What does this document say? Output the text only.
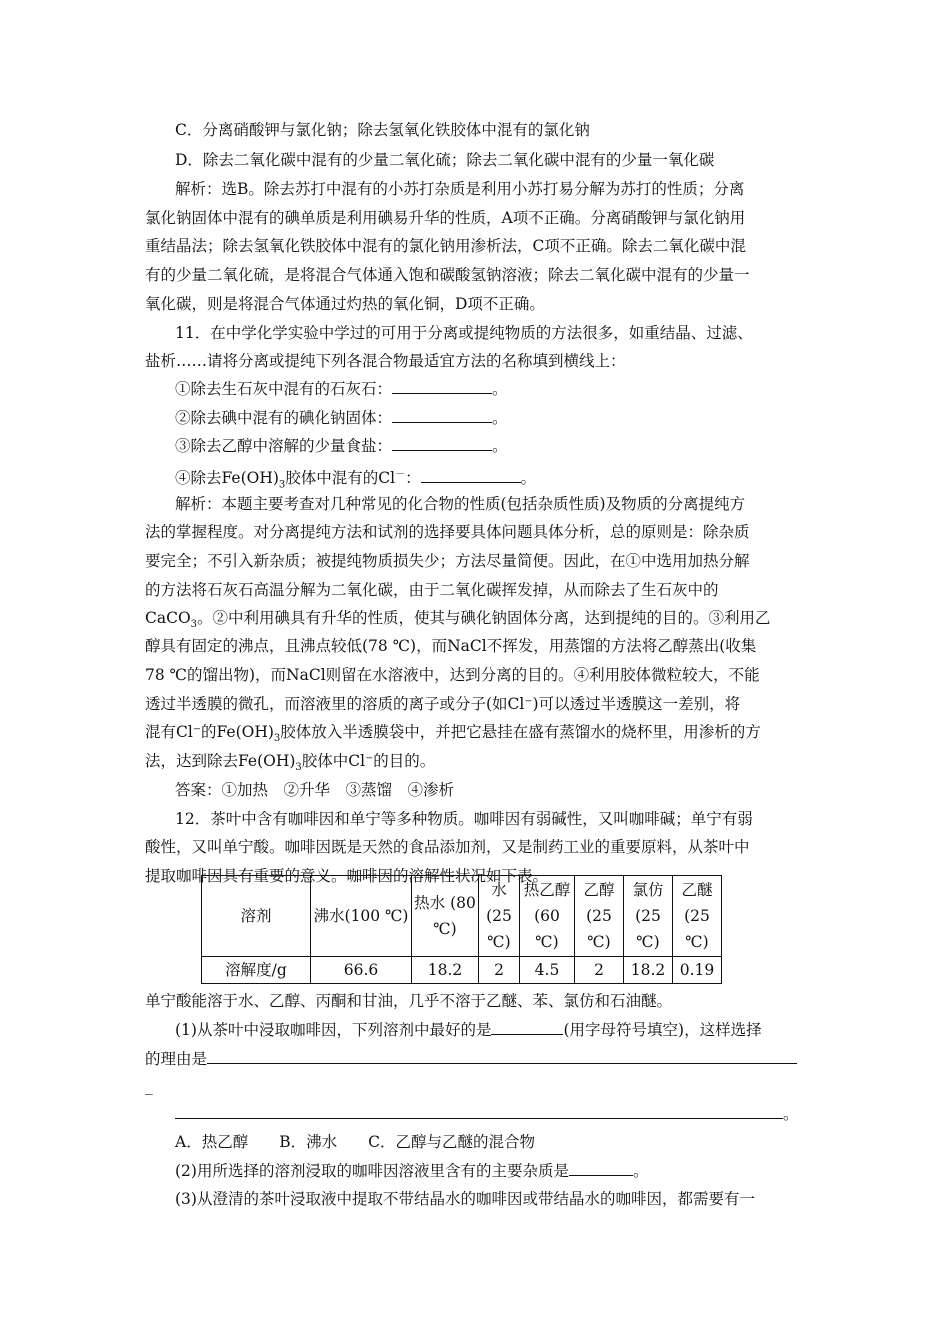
C．分离硝酸钾与氯化钠；除去氢氧化铁胶体中混有的氯化钠
D．除去二氧化碳中混有的少量二氧化硫；除去二氧化碳中混有的少量一氧化碳
解析：选B。除去苏打中混有的小苏打杂质是利用小苏打易分解为苏打的性质；分离
氯化钠固体中混有的碘单质是利用碘易升华的性质，A项不正确。分离硝酸钾与氯化钠用
重结晶法；除去氢氧化铁胶体中混有的氯化钠用渗析法，C项不正确。除去二氧化碳中混
有的少量二氧化硫，是将混合气体通入饱和碳酸氢钠溶液；除去二氧化碳中混有的少量一
氧化碳，则是将混合气体通过灼热的氧化铜，D项不正确。
11．在中学化学实验中学过的可用于分离或提纯物质的方法很多，如重结晶、过滤、
盐析……请将分离或提纯下列各混合物最适宜方法的名称填到横线上：
①除去生石灰中混有的石灰石：	。
②除去碘中混有的碘化钠固体：	。
③除去乙醇中溶解的少量食盐：	。
④除去$Fe(OH)_3$胶体中混有的Cl－：	。
解析：本题主要考查对几种常见的化合物的性质(包括杂质性质)及物质的分离提纯方
法的掌握程度。对分离提纯方法和试剂的选择要具体问题具体分析，总的原则是：除杂质
要完全；不引入新杂质；被提纯物质损失少；方法尽量简便。因此，在①中选用加热分解
的方法将石灰石高温分解为二氧化碳，由于二氧化碳挥发掉，从而除去了生石灰中的
CaCO$_3$。②中利用碘具有升华的性质，使其与碘化钠固体分离，达到提纯的目的。③利用乙
醇具有固定的沸点，且沸点较低(78 ℃)，而NaCl不挥发，用蒸馏的方法将乙醇蒸出(收集
78 ℃的馏出物)，而NaCl则留在水溶液中，达到分离的目的。④利用胶体微粒较大，不能
透过半透膜的微孔，而溶液里的溶质的离子或分子(如Cl⁻)可以透过半透膜这一差别，将
混有Cl⁻的$Fe(OH)_3$胶体放入半透膜袋中，并把它悬挂在盛有蒸馏水的烧杯里，用渗析的方
法，达到除去$Fe(OH)_3$胶体中Cl⁻的目的。
答案：①加热　②升华　③蒸馏　④渗析
12．茶叶中含有咖啡因和单宁等多种物质。咖啡因有弱碱性，又叫咖啡碱；单宁有弱
酸性，又叫单宁酸。咖啡因既是天然的食品添加剂，又是制药工业的重要原料，从茶叶中
提取咖啡因具有重要的意义。咖啡因的溶解性状况如下表。
溶剂	沸水(100 ℃)	热水 (80 ℃)	水 (25 ℃)	热乙醇(60 ℃)	乙醇 (25 ℃)	氯仿 (25 ℃)	乙醚 (25 ℃)
溶解度/g	66.6	18.2	2	4.5	2	18.2	0.19
单宁酸能溶于水、乙醇、丙酮和甘油，几乎不溶于乙醚、苯、氯仿和石油醚。
(1)从茶叶中浸取咖啡因，下列溶剂中最好的是	(用字母符号填空)，这样选择
的理由是
_
。
A．热乙醇　　B．沸水　　C．乙醇与乙醚的混合物
(2)用所选择的溶剂浸取的咖啡因溶液里含有的主要杂质是	。
(3)从澄清的茶叶浸取液中提取不带结晶水的咖啡因或带结晶水的咖啡因，都需要有一
